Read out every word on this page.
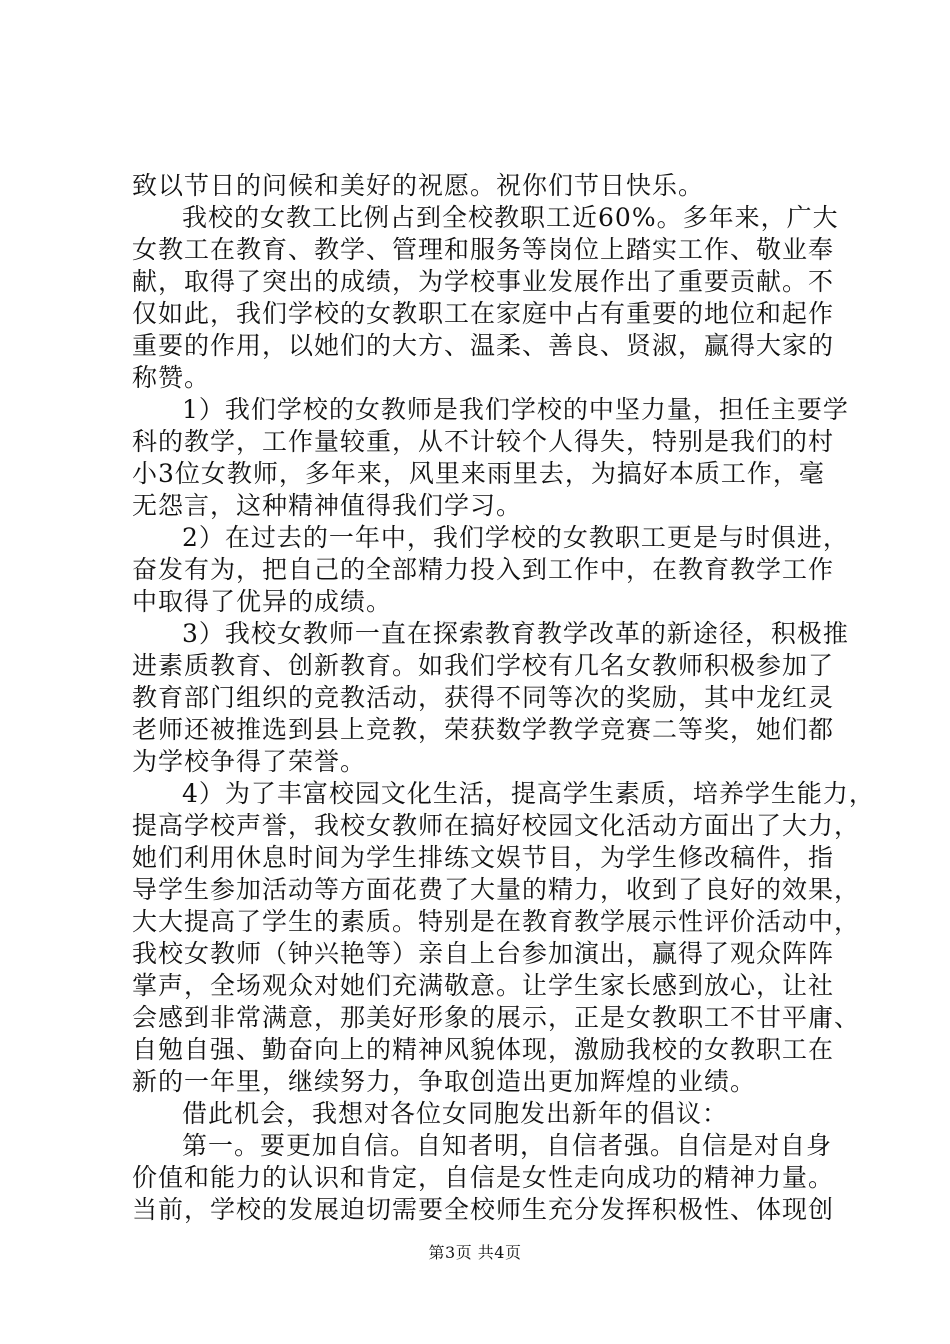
致以节日的问候和美好的祝愿。祝你们节日快乐。
我校的女教工比例占到全校教职工近60%。多年来，广大
女教工在教育、教学、管理和服务等岗位上踏实工作、敬业奉
献，取得了突出的成绩，为学校事业发展作出了重要贡献。不
仅如此，我们学校的女教职工在家庭中占有重要的地位和起作
重要的作用，以她们的大方、温柔、善良、贤淑，赢得大家的
称赞。
1）我们学校的女教师是我们学校的中坚力量，担任主要学
科的教学，工作量较重，从不计较个人得失，特别是我们的村
小3位女教师，多年来，风里来雨里去，为搞好本质工作，毫
无怨言，这种精神值得我们学习。
2）在过去的一年中，我们学校的女教职工更是与时俱进，
奋发有为，把自己的全部精力投入到工作中，在教育教学工作
中取得了优异的成绩。
3）我校女教师一直在探索教育教学改革的新途径，积极推
进素质教育、创新教育。如我们学校有几名女教师积极参加了
教育部门组织的竞教活动，获得不同等次的奖励，其中龙红灵
老师还被推选到县上竞教，荣获数学教学竞赛二等奖，她们都
为学校争得了荣誉。
4）为了丰富校园文化生活，提高学生素质，培养学生能力，
提高学校声誉，我校女教师在搞好校园文化活动方面出了大力，
她们利用休息时间为学生排练文娱节目，为学生修改稿件，指
导学生参加活动等方面花费了大量的精力，收到了良好的效果，
大大提高了学生的素质。特别是在教育教学展示性评价活动中，
我校女教师（钟兴艳等）亲自上台参加演出，赢得了观众阵阵
掌声，全场观众对她们充满敬意。让学生家长感到放心，让社
会感到非常满意，那美好形象的展示，正是女教职工不甘平庸、
自勉自强、勤奋向上的精神风貌体现，激励我校的女教职工在
新的一年里，继续努力，争取创造出更加辉煌的业绩。
借此机会，我想对各位女同胞发出新年的倡议：
第一。要更加自信。自知者明，自信者强。自信是对自身
价值和能力的认识和肯定，自信是女性走向成功的精神力量。
当前，学校的发展迫切需要全校师生充分发挥积极性、体现创
第3页 共4页
